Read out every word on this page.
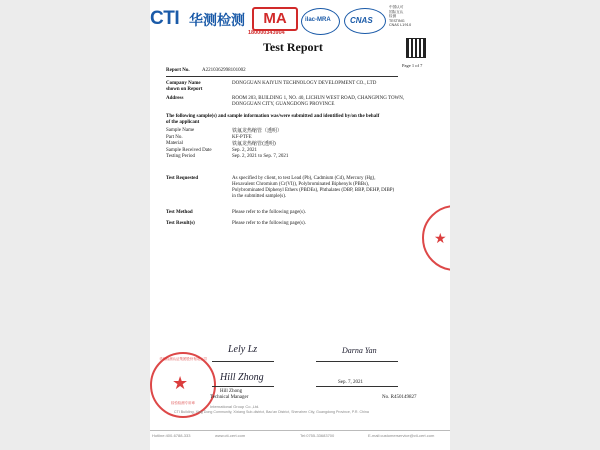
CTI 华测检测	MA
180000343904
ilac-MRA CNAS
中国认可
国际互认
检测
TESTING
CNAS L1910
Test Report
Page 1 of 7
Report No. A2210362998101002
Company Name
shown on Report
DONGGUAN KAIYUN TECHNOLOGY DEVELOPMENT CO., LTD
Address	ROOM 203, BUILDING 1, NO. 40, LICHUN WEST ROAD, CHANGPING TOWN,
DONGGUAN CITY, GUANGDONG PROVINCE
The following sample(s) and sample information was/were submitted and identified by/on the behalf
of the applicant
Sample Name	铁氟龙热缩管（透明）
Part No.	KF-PTFE
Material	铁氟龙热缩管(透明)
Sample Received Date	Sep. 2, 2021
Testing Period	Sep. 2, 2021 to Sep. 7, 2021
Test Requested	As specified by client, to test Lead (Pb), Cadmium (Cd), Mercury (Hg),
Hexavalent Chromium (Cr(VI)), Polybrominated Biphenyls (PBBs),
Polybrominated Diphenyl Ethers (PBDEs), Phthalates (DBP, BBP, DEHP, DIBP)
in the submitted sample(s).
Test Method	Please refer to the following page(s).
Test Result(s)	Please refer to the following page(s).
★
Lely Lz	Darna Yan
★
华测检测认证集团股份有限公司
检验检测专用章
Hill Zhong
Hill Zhong
Technical Manager
Sep. 7, 2021
No. R450149827
International Group Co.,Ltd.
CTI Building, Xing Dong Community, Xixiang Sub-district, Bao'an District, Shenzhen City, Guangdong Province, P.R. China
Hotline:400-6788-333	www.cti-cert.com	Tel:0755-33683700	E-mail:customerservice@cti-cert.com
